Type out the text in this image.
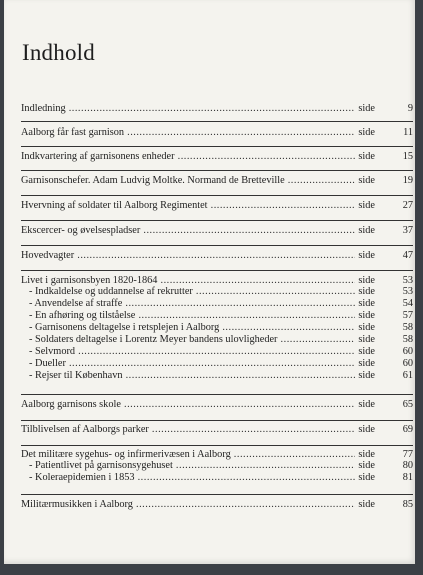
Indhold
Indledning .....	side	9
Aalborg får fast garnison .....	side	11
Indkvartering af garnisonens enheder .....	side	15
Garnisonschefer. Adam Ludvig Moltke. Normand de Bretteville .....	side	19
Hvervning af soldater til Aalborg Regimentet .....	side	27
Ekscercer- og øvelsespladser .....	side	37
Hovedvagter .....	side	47
Livet i garnisonsbyen 1820-1864 .....	side	53
- Indkaldelse og uddannelse af rekrutter .....	side	53
- Anvendelse af straffe .....	side	54
- En afhøring og tilståelse .....	side	57
- Garnisonens deltagelse i retsplejen i Aalborg .....	side	58
- Soldaters deltagelse i Lorentz Meyer bandens ulovligheder .....	side	58
- Selvmord .....	side	60
- Dueller .....	side	60
- Rejser til København .....	side	61
Aalborg garnisons skole .....	side	65
Tilblivelsen af Aalborgs parker .....	side	69
Det militære sygehus- og infirmerivæsen i Aalborg .....	side	77
- Patientlivet på garnisonsygehuset .....	side	80
- Koleraepidemien i 1853 .....	side	81
Militærmusikken i Aalborg .....	side	85
